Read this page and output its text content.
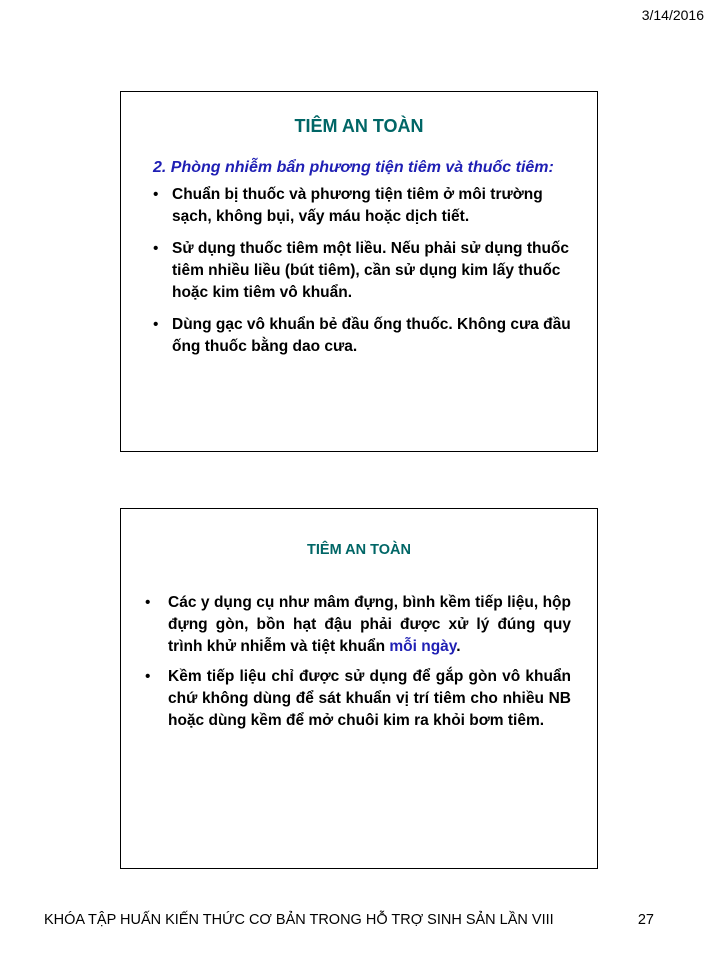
3/14/2016
TIÊM AN TOÀN
2. Phòng nhiễm bẩn phương tiện tiêm và thuốc tiêm:
• Chuẩn bị thuốc và phương tiện tiêm ở môi trường sạch, không bụi, vấy máu hoặc dịch tiết.
• Sử dụng thuốc tiêm một liều. Nếu phải sử dụng thuốc tiêm nhiều liều (bút tiêm), cần sử dụng kim lấy thuốc hoặc kim tiêm vô khuẩn.
• Dùng gạc vô khuẩn bẻ đầu ống thuốc. Không cưa đầu ống thuốc bằng dao cưa.
TIÊM AN TOÀN
• Các y dụng cụ như mâm đựng, bình kềm tiếp liệu, hộp đựng gòn, bồn hạt đậu phải được xử lý đúng quy trình khử nhiễm và tiệt khuẩn mỗi ngày.
• Kềm tiếp liệu chỉ được sử dụng để gắp gòn vô khuẩn chứ không dùng để sát khuẩn vị trí tiêm cho nhiều NB hoặc dùng kềm để mở chuôi kim ra khỏi bơm tiêm.
KHÓA TẬP HUẤN KIẾN THỨC CƠ BẢN TRONG HỖ TRỢ SINH SẢN LẦN VIII	27
